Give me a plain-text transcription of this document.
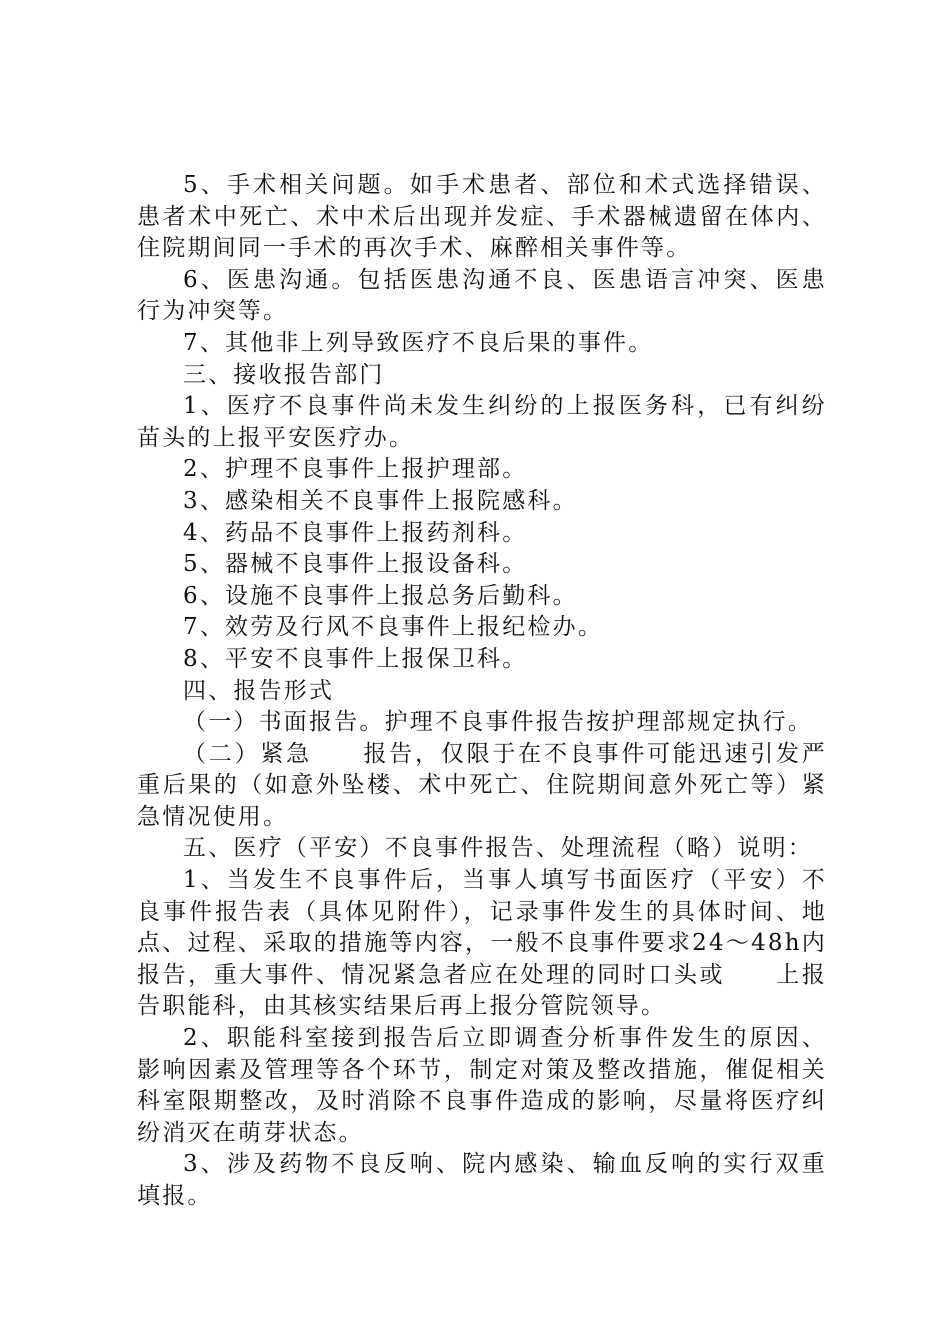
5、手术相关问题。如手术患者、部位和术式选择错误、患者术中死亡、术中术后出现并发症、手术器械遗留在体内、住院期间同一手术的再次手术、麻醉相关事件等。

6、医患沟通。包括医患沟通不良、医患语言冲突、医患行为冲突等。

7、其他非上列导致医疗不良后果的事件。

三、接收报告部门

1、医疗不良事件尚未发生纠纷的上报医务科，已有纠纷苗头的上报平安医疗办。

2、护理不良事件上报护理部。

3、感染相关不良事件上报院感科。

4、药品不良事件上报药剂科。

5、器械不良事件上报设备科。

6、设施不良事件上报总务后勤科。

7、效劳及行风不良事件上报纪检办。

8、平安不良事件上报保卫科。

四、报告形式

（一）书面报告。护理不良事件报告按护理部规定执行。

（二）紧急　　报告，仅限于在不良事件可能迅速引发严重后果的（如意外坠楼、术中死亡、住院期间意外死亡等）紧急情况使用。

五、医疗（平安）不良事件报告、处理流程（略）说明：

1、当发生不良事件后，当事人填写书面医疗（平安）不良事件报告表（具体见附件），记录事件发生的具体时间、地点、过程、采取的措施等内容，一般不良事件要求24～48h内报告，重大事件、情况紧急者应在处理的同时口头或　　上报告职能科，由其核实结果后再上报分管院领导。

2、职能科室接到报告后立即调查分析事件发生的原因、影响因素及管理等各个环节，制定对策及整改措施，催促相关科室限期整改，及时消除不良事件造成的影响，尽量将医疗纠纷消灭在萌芽状态。

3、涉及药物不良反响、院内感染、输血反响的实行双重填报。
